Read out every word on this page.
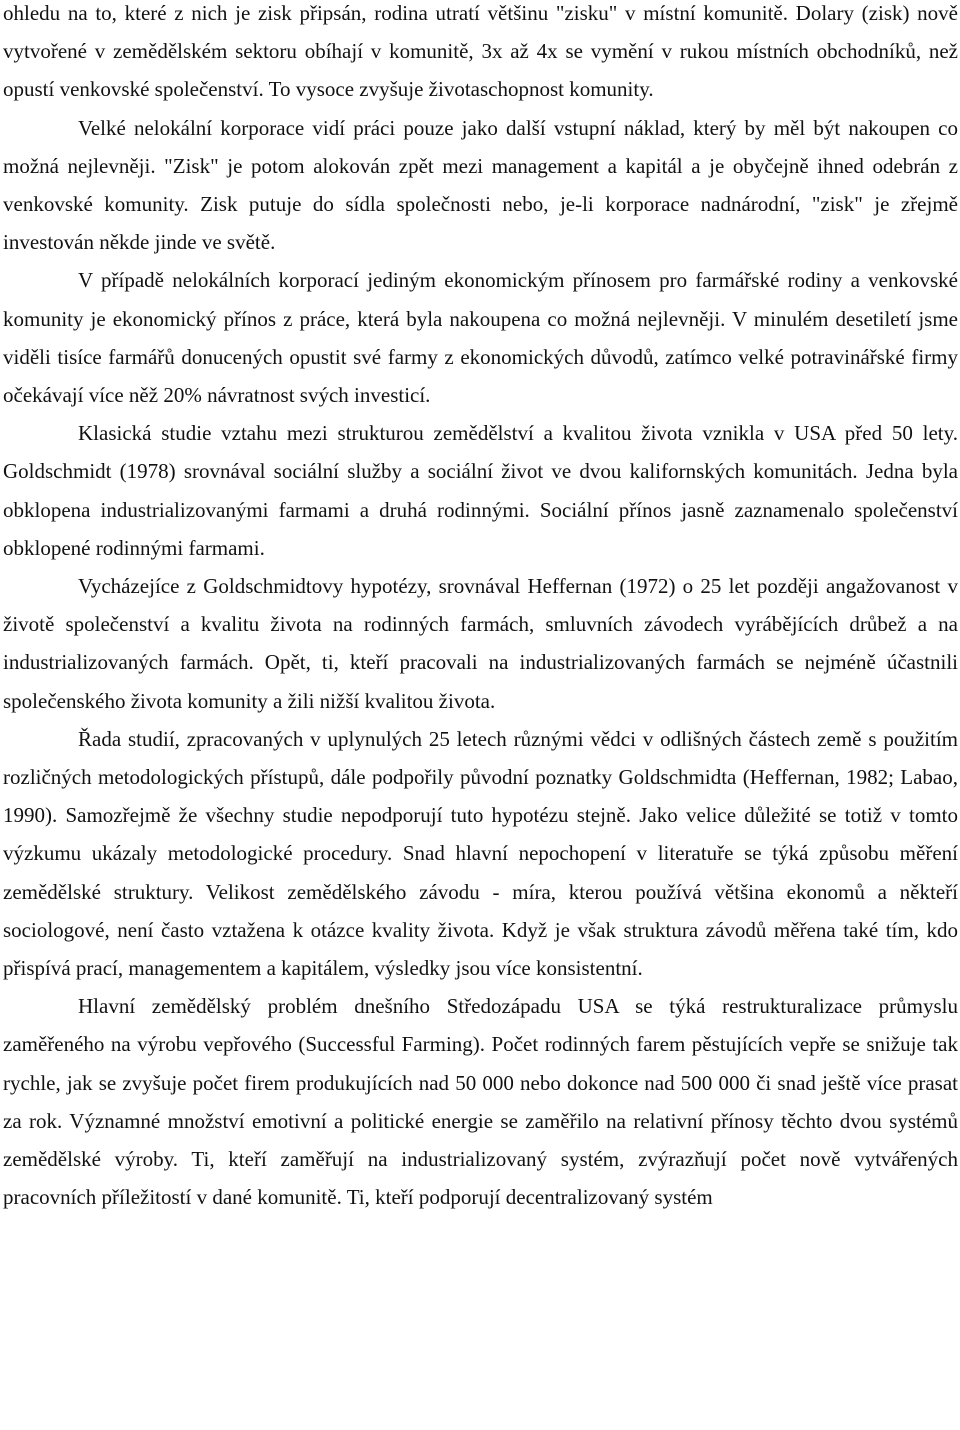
ohledu na to, které z nich je zisk připsán, rodina utratí většinu "zisku" v místní komunitě. Dolary (zisk) nově vytvořené v zemědělském sektoru obíhají v komunitě, 3x až 4x se vymění v rukou místních obchodníků, než opustí venkovské společenství. To vysoce zvyšuje životaschopnost komunity.

Velké nelokální korporace vidí práci pouze jako další vstupní náklad, který by měl být nakoupen co možná nejlevněji. "Zisk" je potom alokován zpět mezi management a kapitál a je obyčejně ihned odebrán z venkovské komunity. Zisk putuje do sídla společnosti nebo, je-li korporace nadnárodní, "zisk" je zřejmě investován někde jinde ve světě.

V případě nelokálních korporací jediným ekonomickým přínosem pro farmářské rodiny a venkovské komunity je ekonomický přínos z práce, která byla nakoupena co možná nejlevněji. V minulém desetiletí jsme viděli tisíce farmářů donucených opustit své farmy z ekonomických důvodů, zatímco velké potravinářské firmy očekávají více něž 20% návratnost svých investicí.

Klasická studie vztahu mezi strukturou zemědělství a kvalitou života vznikla v USA před 50 lety. Goldschmidt (1978) srovnával sociální služby a sociální život ve dvou kalifornských komunitách. Jedna byla obklopena industrializovanými farmami a druhá rodinnými. Sociální přínos jasně zaznamenalo společenství obklopené rodinnými farmami.

Vycházejíce z Goldschmidtovy hypotézy, srovnával Heffernan (1972) o 25 let později angažovanost v životě společenství a kvalitu života na rodinných farmách, smluvních závodech vyrábějících drůbež a na industrializovaných farmách. Opět, ti, kteří pracovali na industrializovaných farmách se nejméně účastnili společenského života komunity a žili nižší kvalitou života.

Řada studií, zpracovaných v uplynulých 25 letech různými vědci v odlišných částech země s použitím rozličných metodologických přístupů, dále podpořily původní poznatky Goldschmidta (Heffernan, 1982; Labao, 1990). Samozřejmě že všechny studie nepodporují tuto hypotézu stejně. Jako velice důležité se totiž v tomto výzkumu ukázaly metodologické procedury. Snad hlavní nepochopení v literatuře se týká způsobu měření zemědělské struktury. Velikost zemědělského závodu - míra, kterou používá většina ekonomů a někteří sociologové, není často vztažena k otázce kvality života. Když je však struktura závodů měřena také tím, kdo přispívá prací, managementem a kapitálem, výsledky jsou více konsistentní.

Hlavní zemědělský problém dnešního Středozápadu USA se týká restrukturalizace průmyslu zaměřeného na výrobu vepřového (Successful Farming). Počet rodinných farem pěstujících vepře se snižuje tak rychle, jak se zvyšuje počet firem produkujících nad 50 000 nebo dokonce nad 500 000 či snad ještě více prasat za rok. Významné množství emotivní a politické energie se zaměřilo na relativní přínosy těchto dvou systémů zemědělské výroby. Ti, kteří zaměřují na industrializovaný systém, zvýrazňují počet nově vytvářených pracovních příležitostí v dané komunitě. Ti, kteří podporují decentralizovaný systém
